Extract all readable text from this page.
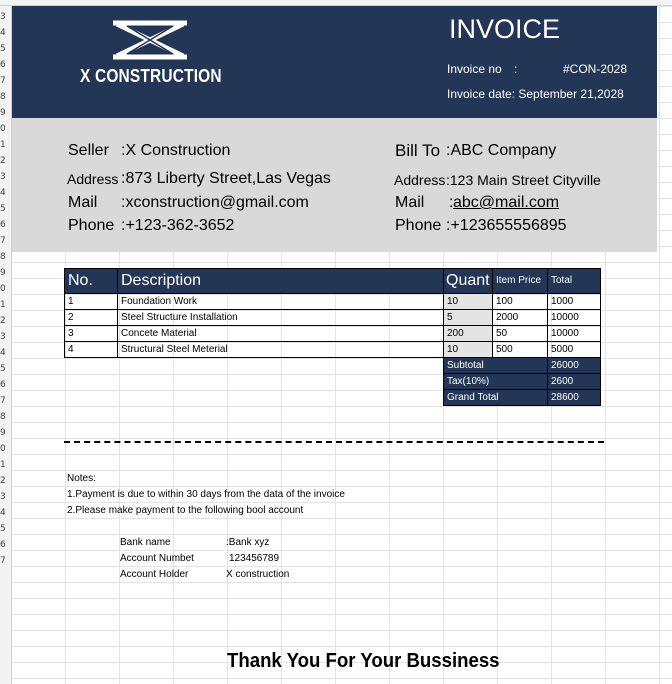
3
4
5
6
7
8
9
0
1
2
3
4
5
6
7
8
9
0
1
2
3
4
5
6
7
8
9
0
1
2
3
4
5
6
7
X CONSTRUCTION
INVOICE
Invoice no :	#CON-2028
Invoice date: September 21,2028
Seller :X Construction
Address :873 Liberty Street,Las Vegas
Mail :xconstruction@gmail.com
Phone :+123-362-3652
Bill To :ABC Company
Address :123 Main Street Cityville
Mail : abc@mail.com
Phone :+123655556895
No.	Description	Quant	Item Price	Total
1	Foundation Work	10	100	1000
2	Steel Structure Installation	5	2000	10000
3	Concete Material	200	50	10000
4	Structural Steel Meterial	10	500	5000
		Subtotal		26000
		Tax(10%)		2600
		Grand Total		28600
Notes:
1.Payment is due to within 30 days from the data of the invoice
2.Please make payment to the following bool account
Bank name	:Bank xyz
Account Numbet	123456789
Account Holder	X construction
Thank You For Your Bussiness
